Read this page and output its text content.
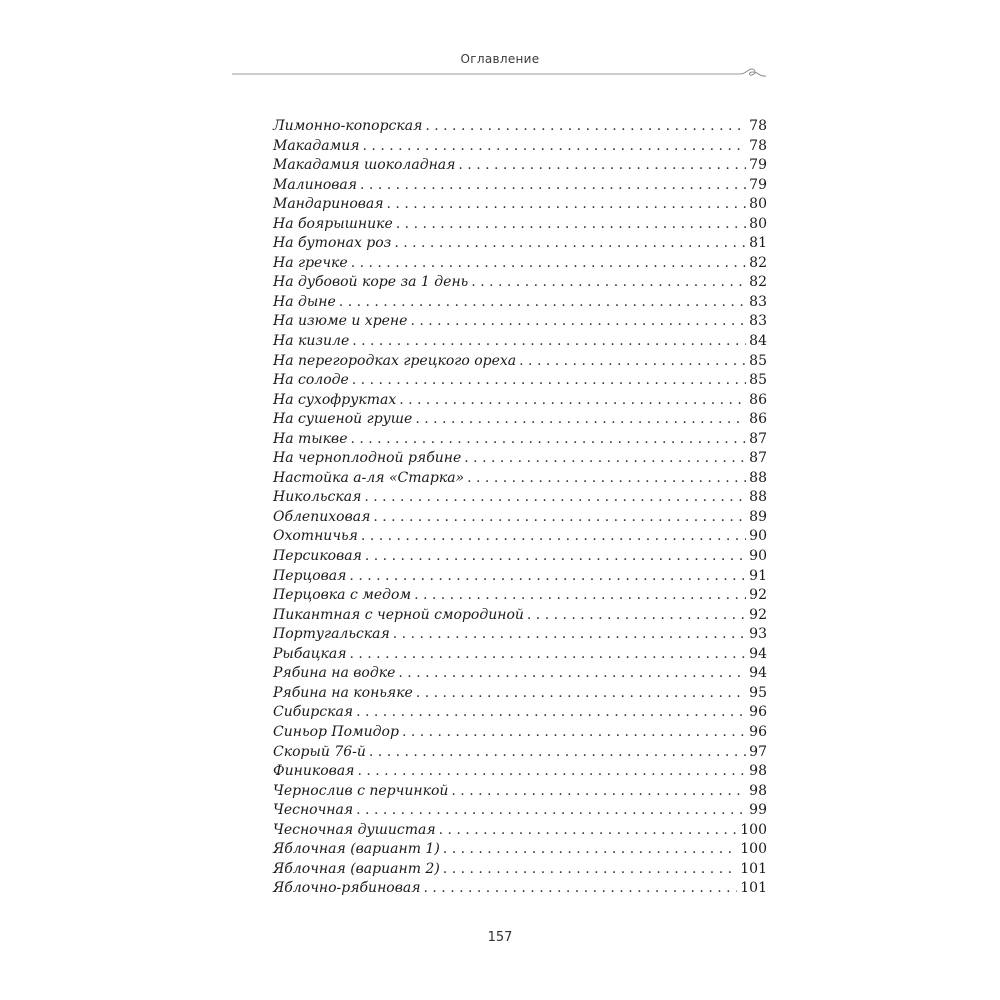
Оглавление
Лимонно-копорская . . .	78
Макадамия . . .	78
Макадамия шоколадная . . .	79
Малиновая . . .	79
Мандариновая . . .	80
На боярышнике . . .	80
На бутонах роз . . .	81
На гречке . . .	82
На дубовой коре за 1 день . . .	82
На дыне . . .	83
На изюме и хрене . . .	83
На кизиле . . .	84
На перегородках грецкого ореха . . .	85
На солоде . . .	85
На сухофруктах . . .	86
На сушеной груше . . .	86
На тыкве . . .	87
На черноплодной рябине . . .	87
Настойка а-ля «Старка» . . .	88
Никольская . . .	88
Облепиховая . . .	89
Охотничья . . .	90
Персиковая . . .	90
Перцовая . . .	91
Перцовка с медом . . .	92
Пикантная с черной смородиной . . .	92
Португальская . . .	93
Рыбацкая . . .	94
Рябина на водке . . .	94
Рябина на коньяке . . .	95
Сибирская . . .	96
Синьор Помидор . . .	96
Скорый 76-й . . .	97
Финиковая . . .	98
Чернослив с перчинкой . . .	98
Чесночная . . .	99
Чесночная душистая . . .	100
Яблочная (вариант 1) . . .	100
Яблочная (вариант 2) . . .	101
Яблочно-рябиновая . . .	101
157
